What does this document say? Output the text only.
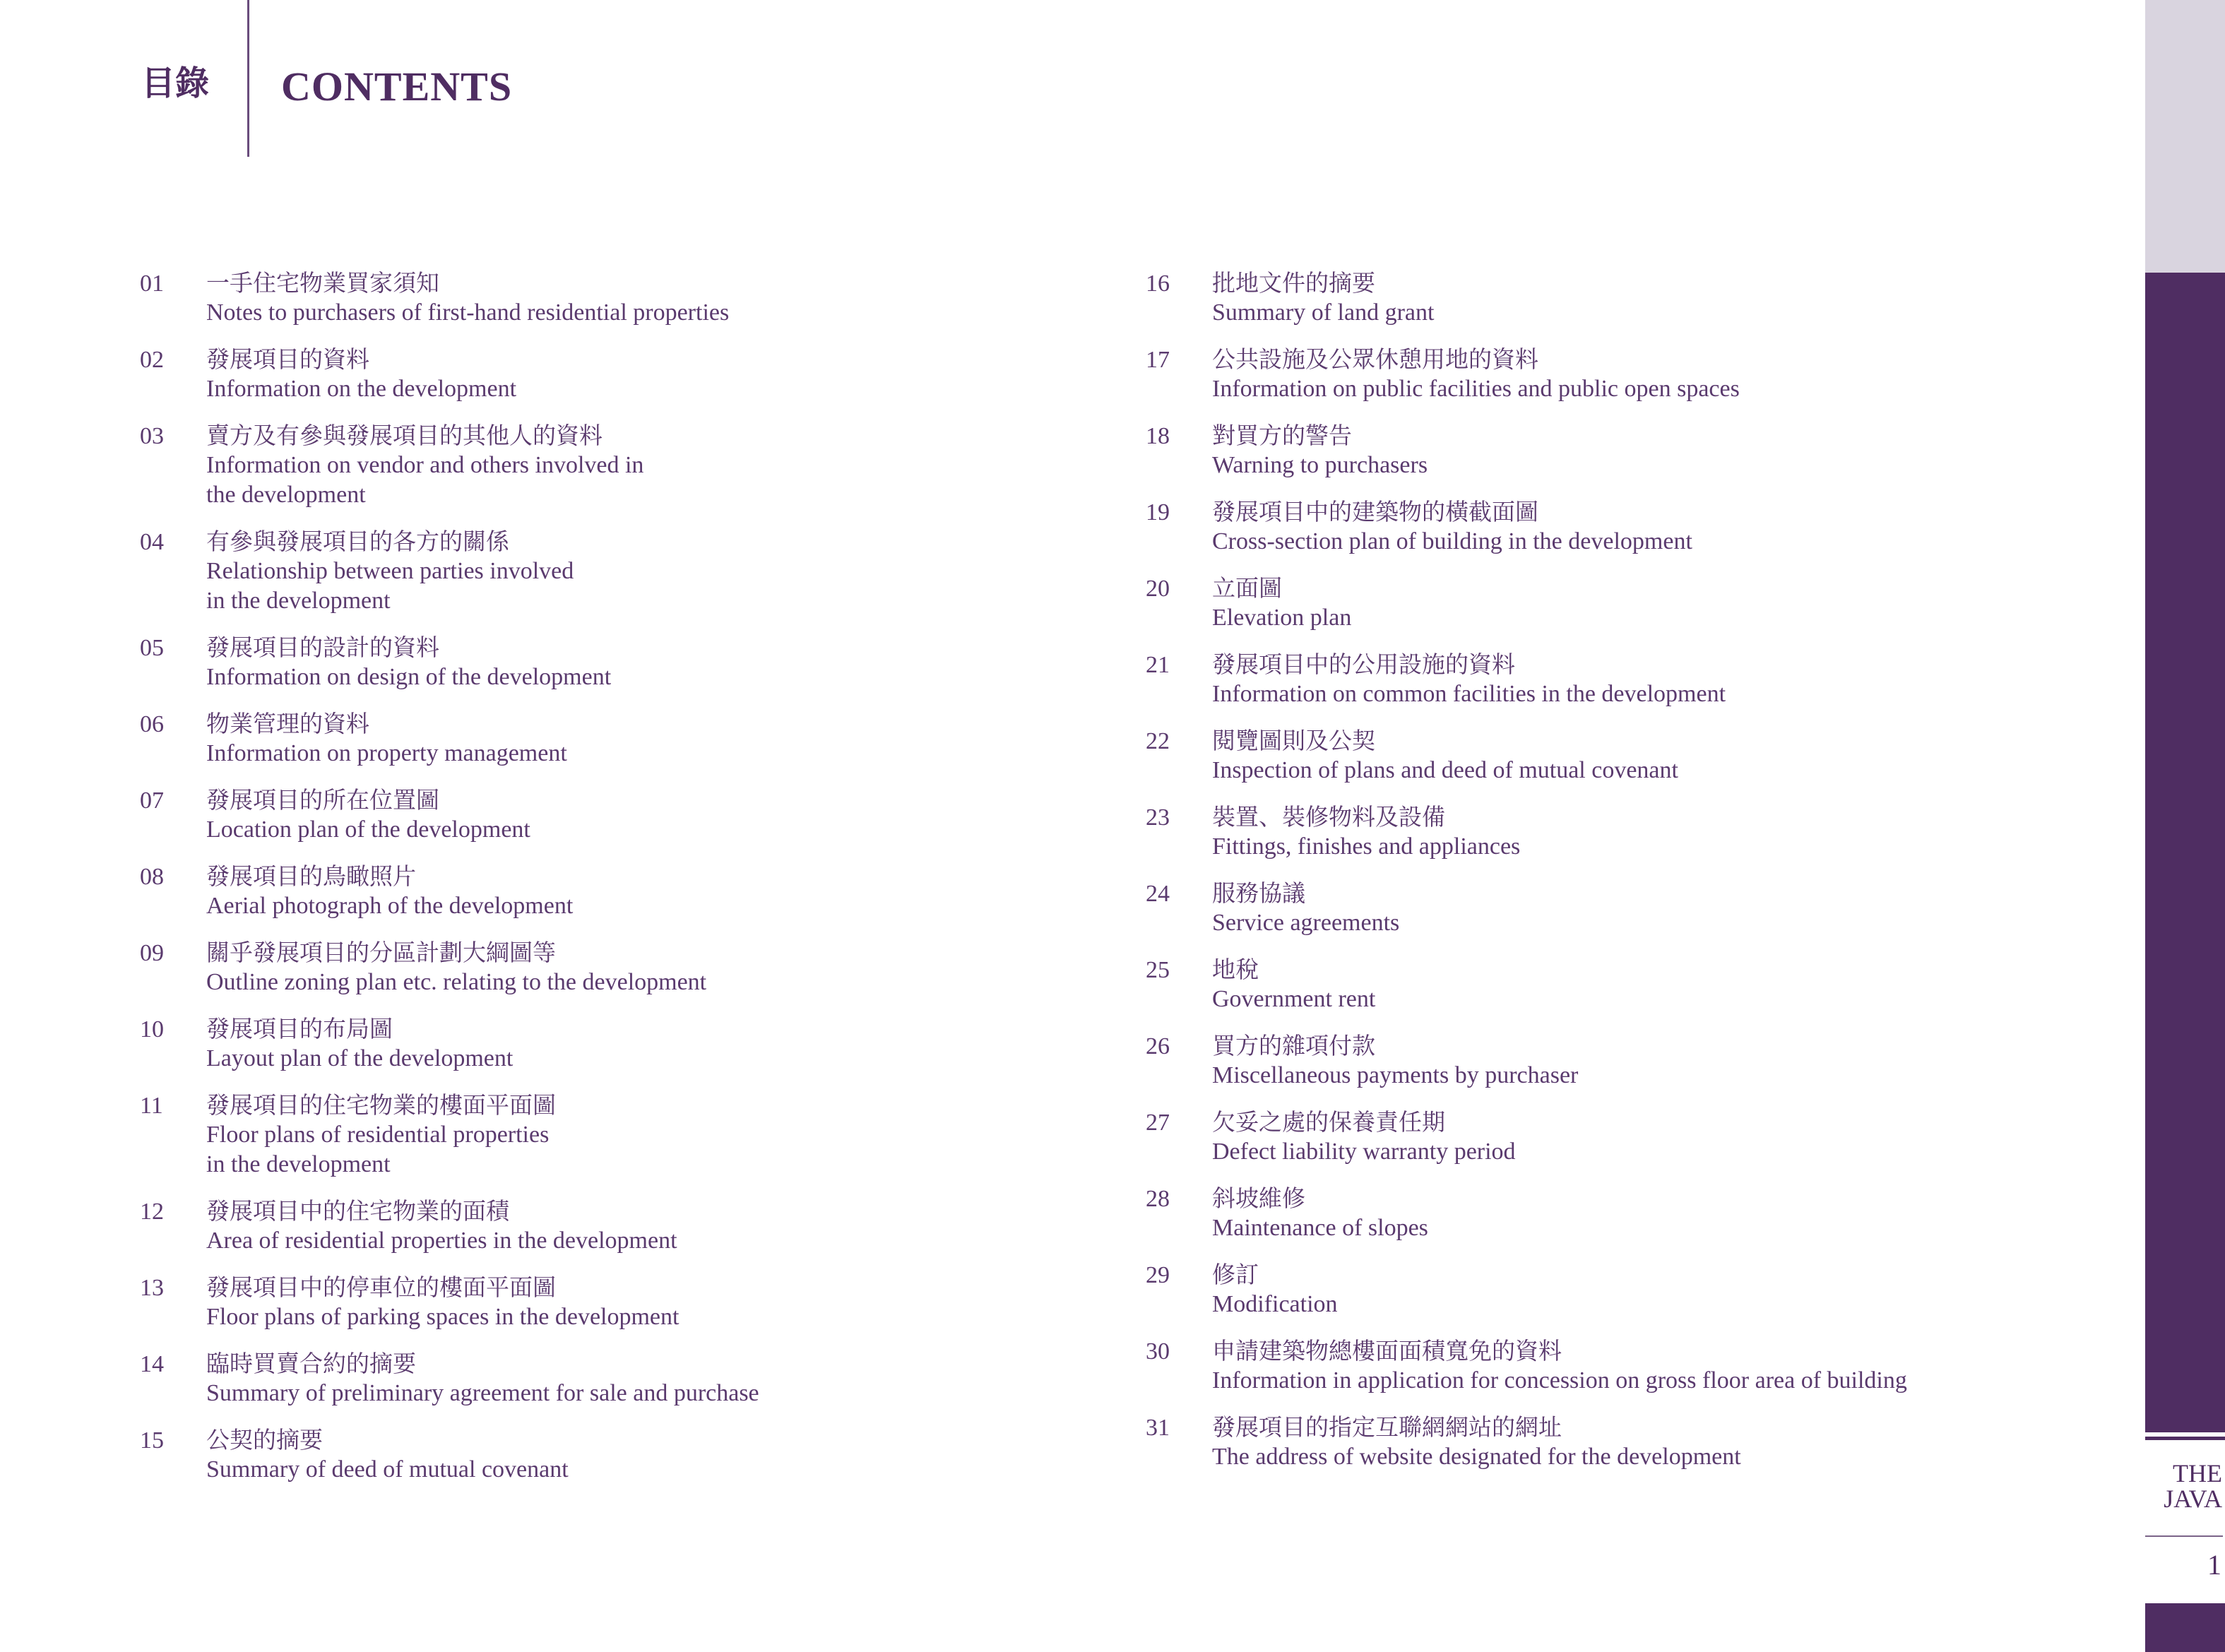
目錄 CONTENTS
01	一手住宅物業買家須知
Notes to purchasers of first-hand residential properties
02	發展項目的資料
Information on the development
03	賣方及有參與發展項目的其他人的資料
Information on vendor and others involved in
the development
04	有參與發展項目的各方的關係
Relationship between parties involved
in the development
05	發展項目的設計的資料
Information on design of the development
06	物業管理的資料
Information on property management
07	發展項目的所在位置圖
Location plan of the development
08	發展項目的鳥瞰照片
Aerial photograph of the development
09	關乎發展項目的分區計劃大綱圖等
Outline zoning plan etc. relating to the development
10	發展項目的布局圖
Layout plan of the development
11	發展項目的住宅物業的樓面平面圖
Floor plans of residential properties
in the development
12	發展項目中的住宅物業的面積
Area of residential properties in the development
13	發展項目中的停車位的樓面平面圖
Floor plans of parking spaces in the development
14	臨時買賣合約的摘要
Summary of preliminary agreement for sale and purchase
15	公契的摘要
Summary of deed of mutual covenant
16	批地文件的摘要
Summary of land grant
17	公共設施及公眾休憩用地的資料
Information on public facilities and public open spaces
18	對買方的警告
Warning to purchasers
19	發展項目中的建築物的橫截面圖
Cross-section plan of building in the development
20	立面圖
Elevation plan
21	發展項目中的公用設施的資料
Information on common facilities in the development
22	閱覽圖則及公契
Inspection of plans and deed of mutual covenant
23	裝置、裝修物料及設備
Fittings, finishes and appliances
24	服務協議
Service agreements
25	地稅
Government rent
26	買方的雜項付款
Miscellaneous payments by purchaser
27	欠妥之處的保養責任期
Defect liability warranty period
28	斜坡維修
Maintenance of slopes
29	修訂
Modification
30	申請建築物總樓面面積寬免的資料
Information in application for concession on gross floor area of building
31	發展項目的指定互聯網網站的網址
The address of website designated for the development
THE
JAVA
1
